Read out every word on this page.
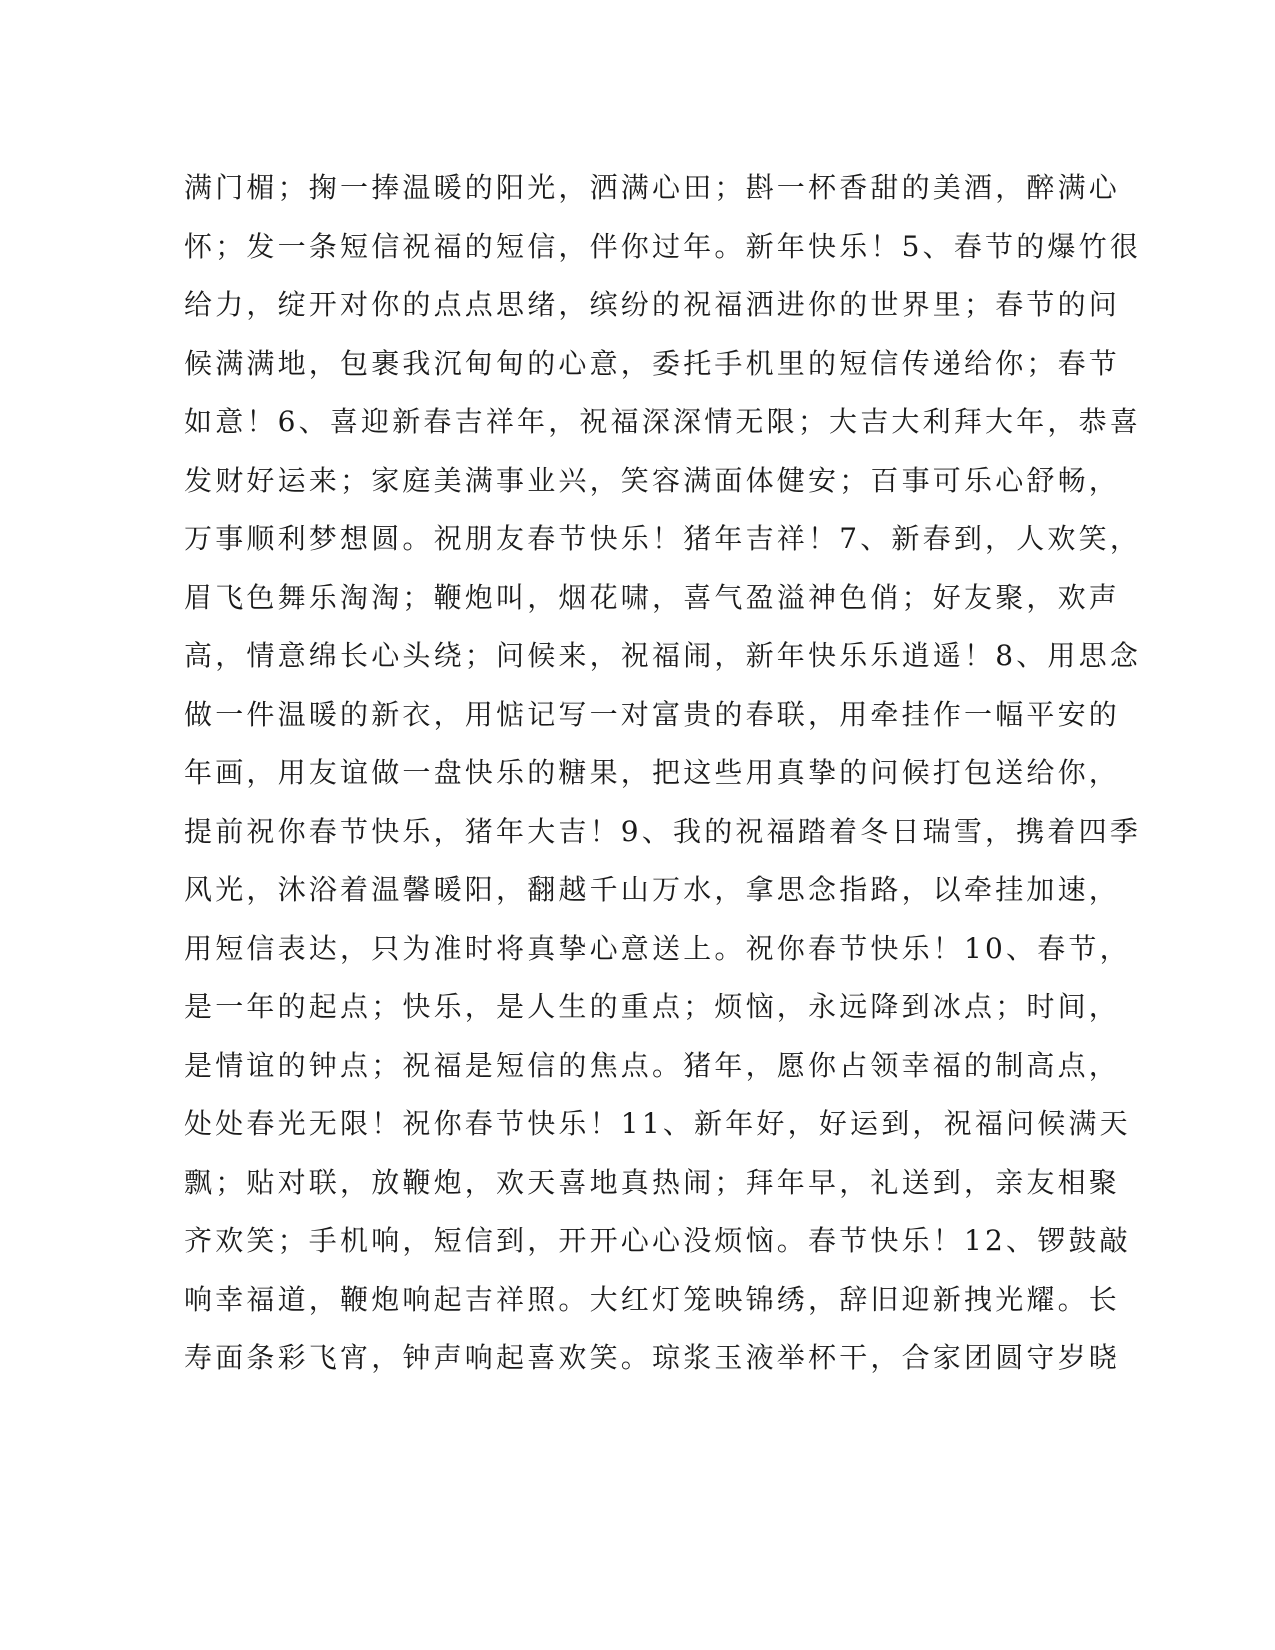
满门楣；掬一捧温暖的阳光，洒满心田；斟一杯香甜的美酒，醉满心
怀；发一条短信祝福的短信，伴你过年。新年快乐！5、春节的爆竹很
给力，绽开对你的点点思绪，缤纷的祝福洒进你的世界里；春节的问
候满满地，包裹我沉甸甸的心意，委托手机里的短信传递给你；春节
如意！6、喜迎新春吉祥年，祝福深深情无限；大吉大利拜大年，恭喜
发财好运来；家庭美满事业兴，笑容满面体健安；百事可乐心舒畅，
万事顺利梦想圆。祝朋友春节快乐！猪年吉祥！7、新春到，人欢笑，
眉飞色舞乐淘淘；鞭炮叫，烟花啸，喜气盈溢神色俏；好友聚，欢声
高，情意绵长心头绕；问候来，祝福闹，新年快乐乐逍遥！8、用思念
做一件温暖的新衣，用惦记写一对富贵的春联，用牵挂作一幅平安的
年画，用友谊做一盘快乐的糖果，把这些用真挚的问候打包送给你，
提前祝你春节快乐，猪年大吉！9、我的祝福踏着冬日瑞雪，携着四季
风光，沐浴着温馨暖阳，翻越千山万水，拿思念指路，以牵挂加速，
用短信表达，只为准时将真挚心意送上。祝你春节快乐！10、春节，
是一年的起点；快乐，是人生的重点；烦恼，永远降到冰点；时间，
是情谊的钟点；祝福是短信的焦点。猪年，愿你占领幸福的制高点，
处处春光无限！祝你春节快乐！11、新年好，好运到，祝福问候满天
飘；贴对联，放鞭炮，欢天喜地真热闹；拜年早，礼送到，亲友相聚
齐欢笑；手机响，短信到，开开心心没烦恼。春节快乐！12、锣鼓敲
响幸福道，鞭炮响起吉祥照。大红灯笼映锦绣，辞旧迎新拽光耀。长
寿面条彩飞宵，钟声响起喜欢笑。琼浆玉液举杯干，合家团圆守岁晓
